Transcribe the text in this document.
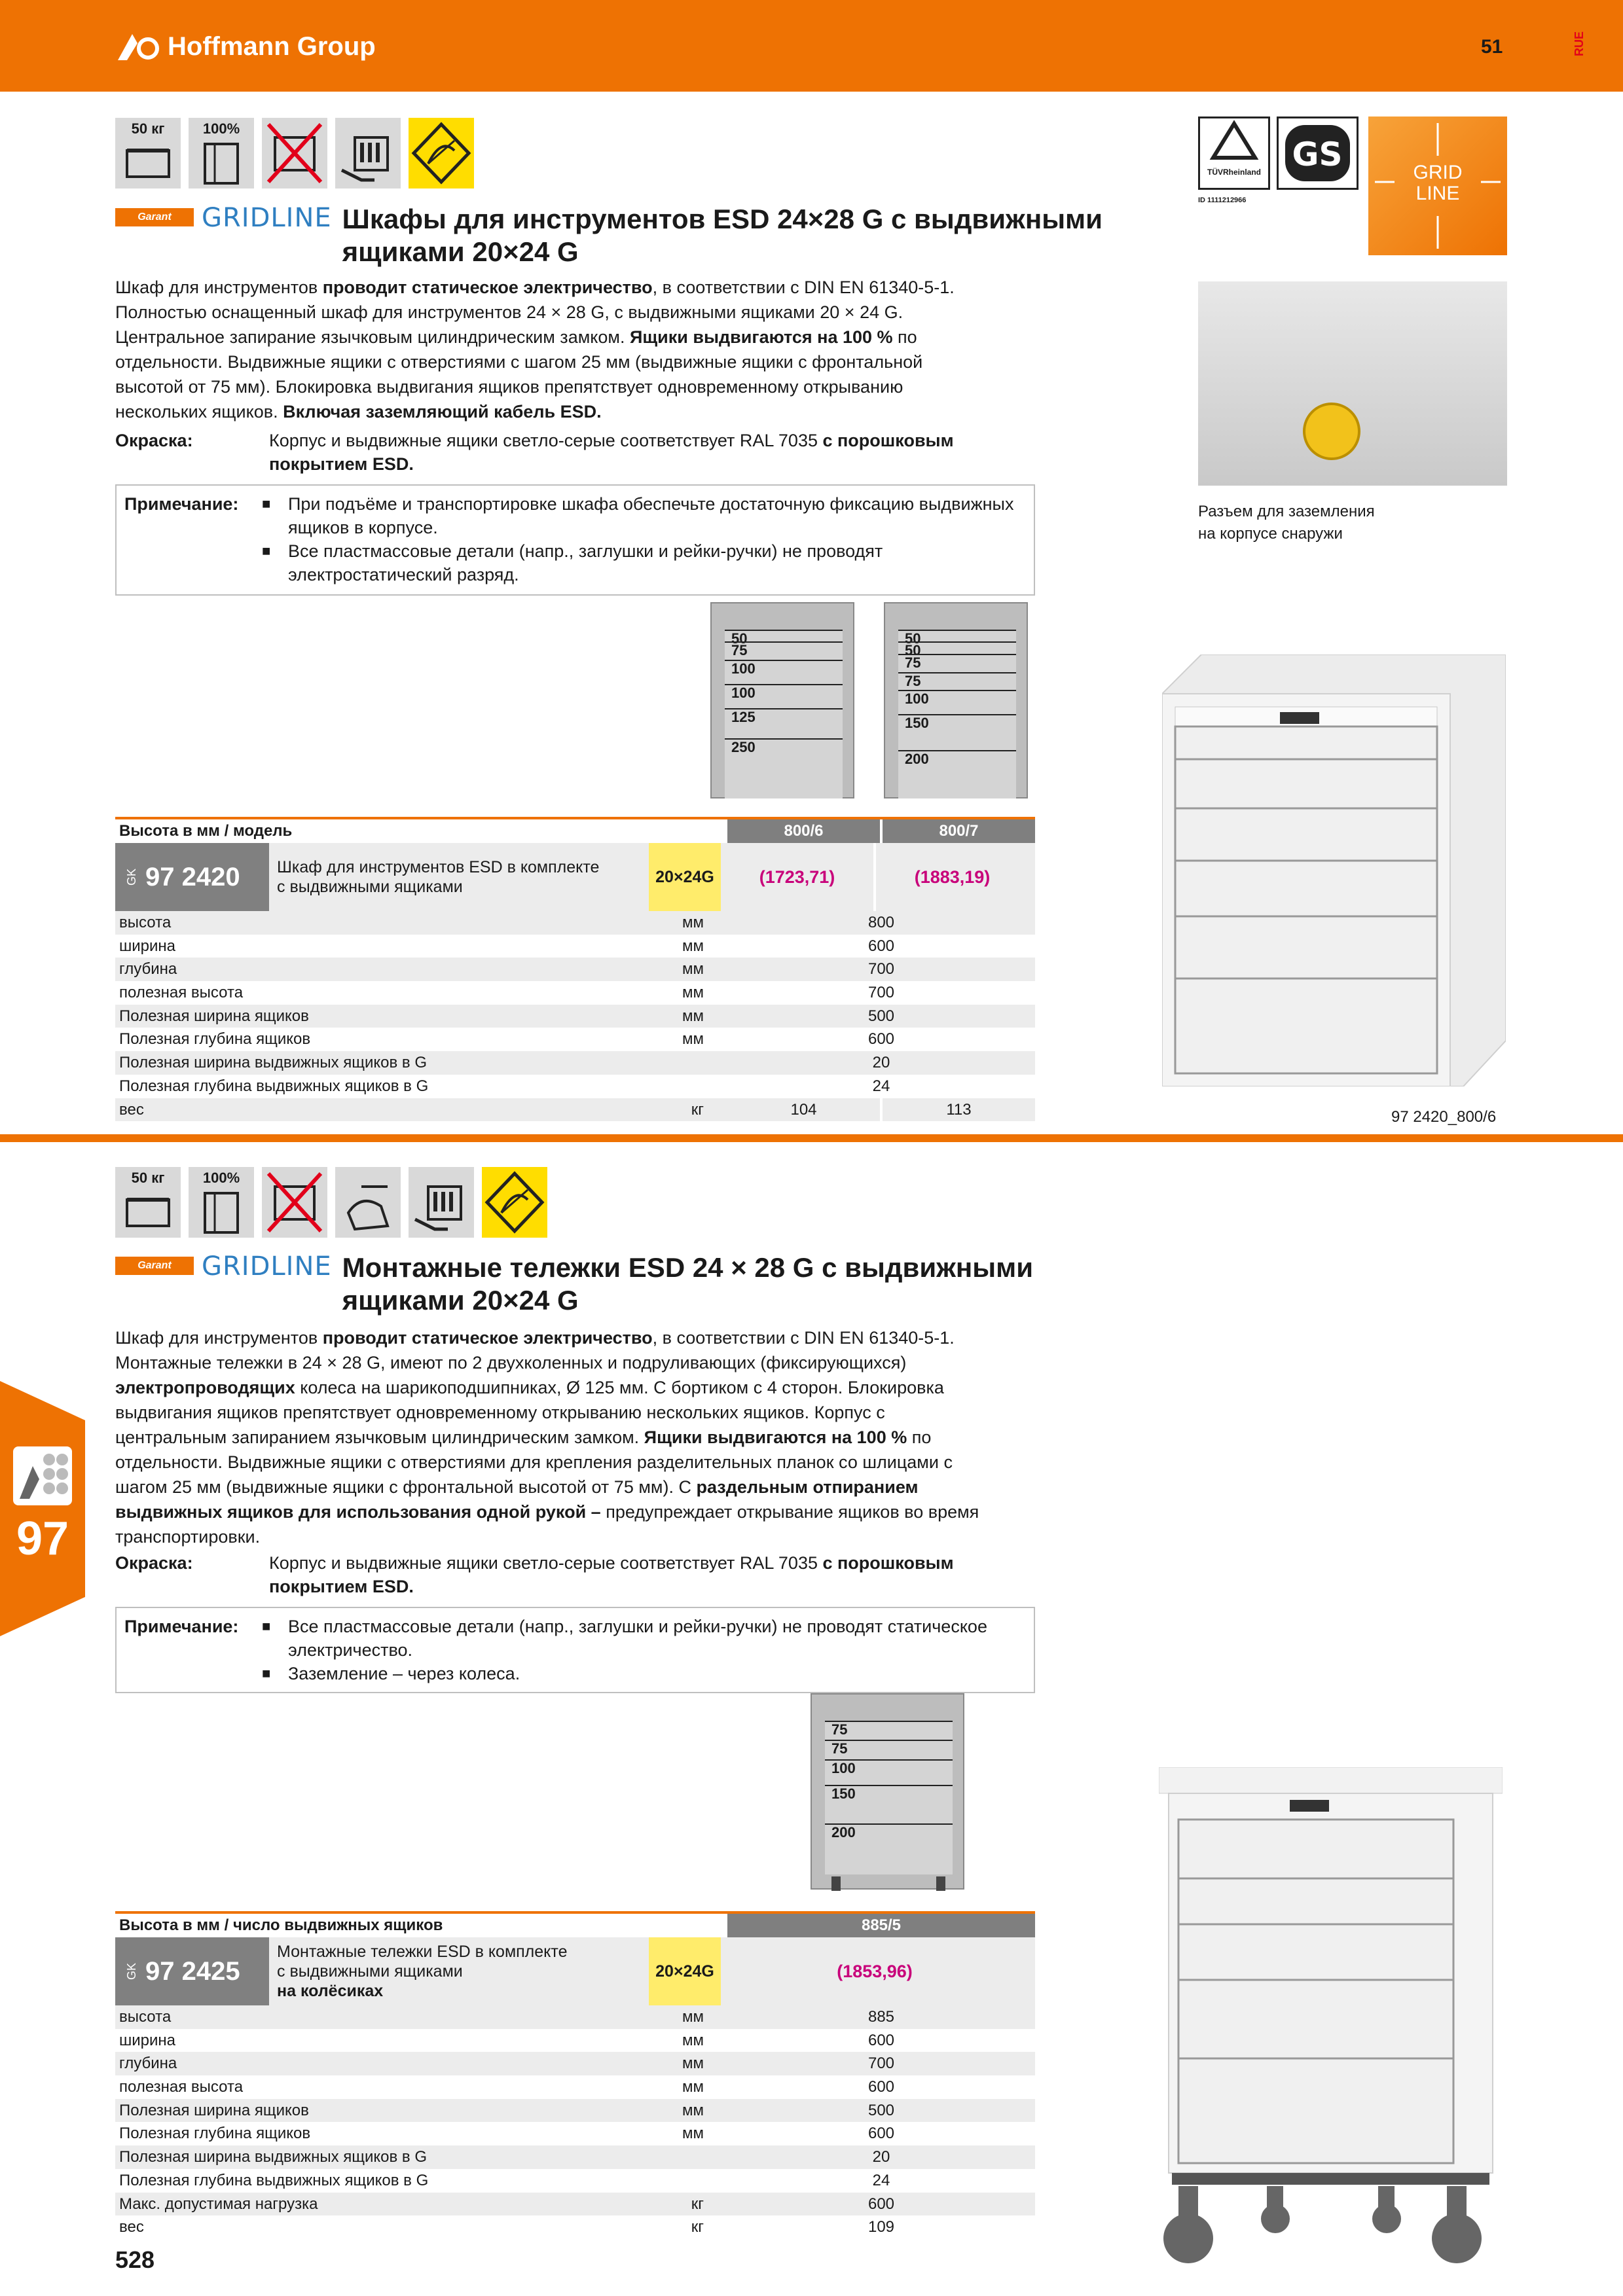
Hoffmann Group	51	RUE
50 кг	100%
TÜVRheinland GS
ID 1111212966
GRID
LINE
Garant	GRIDLINE Шкафы для инструментов ESD 24×28 G с выдвижными ящиками 20×24 G
Шкаф для инструментов проводит статическое электричество, в соответствии с DIN EN 61340-5-1. Полностью оснащенный шкаф для инструментов 24 × 28 G, с выдвижными ящиками 20 × 24 G. Центральное запирание язычковым цилиндрическим замком. Ящики выдвигаются на 100 % по отдельности. Выдвижные ящики с отверстиями с шагом 25 мм (выдвижные ящики с фронтальной высотой от 75 мм). Блокировка выдвигания ящиков препятствует одновременному открыванию нескольких ящиков. Включая заземляющий кабель ESD.
Окраска:	Корпус и выдвижные ящики светло-серые соответствует RAL 7035 с порошковым покрытием ESD.
Примечание:	■ При подъёме и транспортировке шкафа обеспечьте достаточную фиксацию выдвижных ящиков в корпусе.
■ Все пластмассовые детали (напр., заглушки и рейки-ручки) не проводят электростатический разряд.
50
75
100
100
125
250
50
50
75
75
100
150
200
Разъем для заземления
на корпусе снаружи
97 2420_800/6
Высота в мм / модель	800/6	800/7
GK 97 2420 Шкаф для инструментов ESD в комплекте
с выдвижными ящиками
20×24G	(1723,71)	(1883,19)
высота	мм	800
ширина	мм	600
глубина	мм	700
полезная высота	мм	700
Полезная ширина ящиков	мм	500
Полезная глубина ящиков	мм	600
Полезная ширина выдвижных ящиков в G	20
Полезная глубина выдвижных ящиков в G	24
вес	кг	104	113
50 кг	100%
Garant	GRIDLINE Монтажные тележки ESD 24 × 28 G с выдвижными ящиками 20×24 G
Шкаф для инструментов проводит статическое электричество, в соответствии с DIN EN 61340-5-1. Монтажные тележки в 24 × 28 G, имеют по 2 двухколенных и подруливающих (фиксирующихся) электропроводящих колеса на шарикоподшипниках, Ø 125 мм. С бортиком с 4 сторон. Блокировка выдвигания ящиков препятствует одновременному открыванию нескольких ящиков. Корпус с центральным запиранием язычковым цилиндрическим замком. Ящики выдвигаются на 100 % по отдельности. Выдвижные ящики с отверстиями для крепления разделительных планок со шлицами с шагом 25 мм (выдвижные ящики с фронтальной высотой от 75 мм). С раздельным отпиранием выдвижных ящиков для использования одной рукой – предупреждает открывание ящиков во время транспортировки.
Окраска:	Корпус и выдвижные ящики светло-серые соответствует RAL 7035 с порошковым покрытием ESD.
Примечание:	■ Все пластмассовые детали (напр., заглушки и рейки-ручки) не проводят статическое электричество.
■ Заземление – через колеса.
75
75
100
150
200
Высота в мм / число выдвижных ящиков	885/5
GK 97 2425
Монтажные тележки ESD в комплекте
с выдвижными ящиками
на колёсиках
20×24G	(1853,96)
высота	мм	885
ширина	мм	600
глубина	мм	700
полезная высота	мм	600
Полезная ширина ящиков	мм	500
Полезная глубина ящиков	мм	600
Полезная ширина выдвижных ящиков в G	20
Полезная глубина выдвижных ящиков в G	24
Макс. допустимая нагрузка	кг	600
вес	кг	109
97
528
